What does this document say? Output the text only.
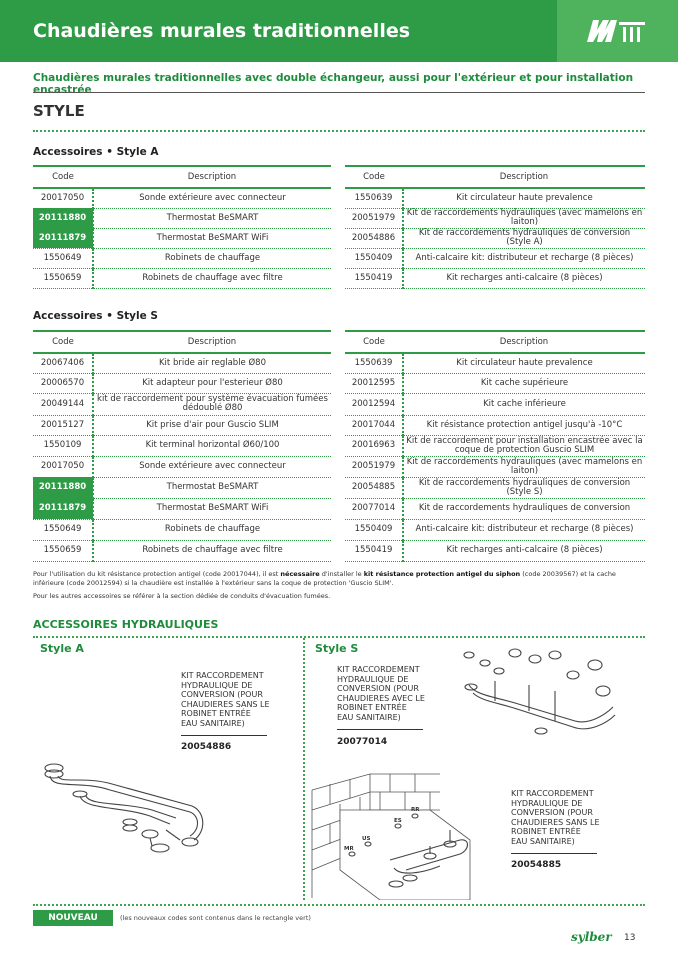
Chaudières murales traditionnelles
Chaudières murales traditionnelles avec double échangeur, aussi pour l'extérieur et pour installation encastrée
STYLE
Accessoires • Style A
Code	Description
20017050	Sonde extérieure avec connecteur
20111880	Thermostat BeSMART
20111879	Thermostat BeSMART WiFi
1550649	Robinets de chauffage
1550659	Robinets de chauffage avec filtre
Code	Description
1550639	Kit circulateur haute prevalence
20051979	Kit de raccordements hydrauliques (avec mamelons en laiton)
20054886	Kit de raccordements hydrauliques de conversion (Style A)
1550409	Anti-calcaire kit: distributeur et recharge (8 pièces)
1550419	Kit recharges anti-calcaire (8 pièces)
Accessoires • Style S
Code	Description
20067406	Kit bride air reglable Ø80
20006570	Kit adapteur pour l'esterieur Ø80
20049144	kit de raccordement pour système évacuation fumées dédoublé Ø80
20015127	Kit prise d'air pour Guscio SLIM
1550109	Kit terminal horizontal Ø60/100
20017050	Sonde extérieure avec connecteur
20111880	Thermostat BeSMART
20111879	Thermostat BeSMART WiFi
1550649	Robinets de chauffage
1550659	Robinets de chauffage avec filtre
Code	Description
1550639	Kit circulateur haute prevalence
20012595	Kit cache supérieure
20012594	Kit cache inférieure
20017044	Kit résistance protection antigel jusqu'à -10°C
20016963	Kit de raccordement pour installation encastrée avec la coque de protection Guscio SLIM
20051979	Kit de raccordements hydrauliques (avec mamelons en laiton)
20054885	Kit de raccordements hydrauliques de conversion (Style S)
20077014	Kit de raccordements hydrauliques de conversion
1550409	Anti-calcaire kit: distributeur et recharge (8 pièces)
1550419	Kit recharges anti-calcaire (8 pièces)
Pour l'utilisation du kit résistance protection antigel (code 20017044), il est nécessaire d'installer le kit résistance protection antigel du siphon (code 20039567) et la cache inférieure (code 20012594) si la chaudière est installée à l'extérieur sans la coque de protection 'Guscio SLIM'.
Pour les autres accessoires se référer à la section dédiée de conduits d'évacuation fumées.
ACCESSOIRES HYDRAULIQUES
Style A	Style S
KIT RACCORDEMENT
HYDRAULIQUE DE
CONVERSION (POUR
CHAUDIERES SANS LE
ROBINET ENTRÉE
EAU SANITAIRE)
20054886
KIT RACCORDEMENT
HYDRAULIQUE DE
CONVERSION (POUR
CHAUDIERES AVEC LE
ROBINET ENTRÉE
EAU SANITAIRE)
20077014
KIT RACCORDEMENT
HYDRAULIQUE DE
CONVERSION (POUR
CHAUDIERES SANS LE
ROBINET ENTRÉE
EAU SANITAIRE)
20054885
RR
ES
US
MR
NOUVEAU	(les nouveaux codes sont contenus dans le rectangle vert)
sylber 13
